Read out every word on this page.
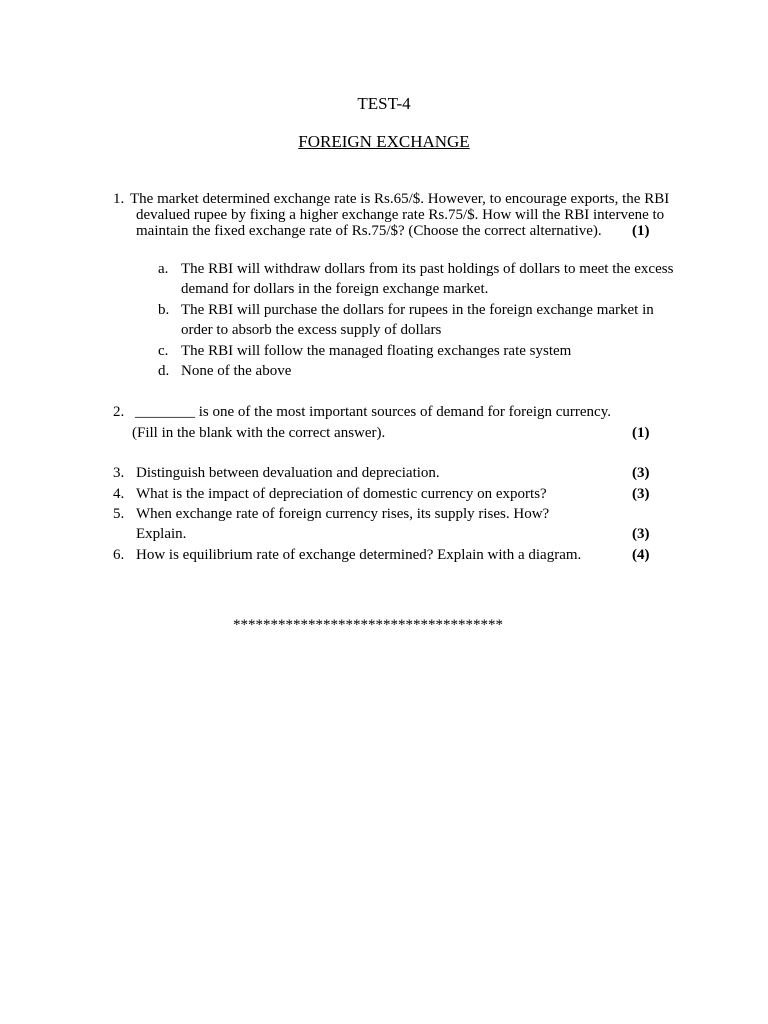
TEST-4
FOREIGN EXCHANGE
1. The market determined exchange rate is Rs.65/$. However, to encourage exports, the RBI
devalued rupee by fixing a higher exchange rate Rs.75/$. How will the RBI intervene to
maintain the fixed exchange rate of Rs.75/$? (Choose the correct alternative). (1)
a. The RBI will withdraw dollars from its past holdings of dollars to meet the excess
demand for dollars in the foreign exchange market.
b. The RBI will purchase the dollars for rupees in the foreign exchange market in
order to absorb the excess supply of dollars
c. The RBI will follow the managed floating exchanges rate system
d. None of the above
2. ________ is one of the most important sources of demand for foreign currency.
(Fill in the blank with the correct answer).	(1)
3. Distinguish between devaluation and depreciation.	(3)
4. What is the impact of depreciation of domestic currency on exports?	(3)
5. When exchange rate of foreign currency rises, its supply rises. How?
Explain.	(3)
6. How is equilibrium rate of exchange determined? Explain with a diagram.	(4)
************************************
